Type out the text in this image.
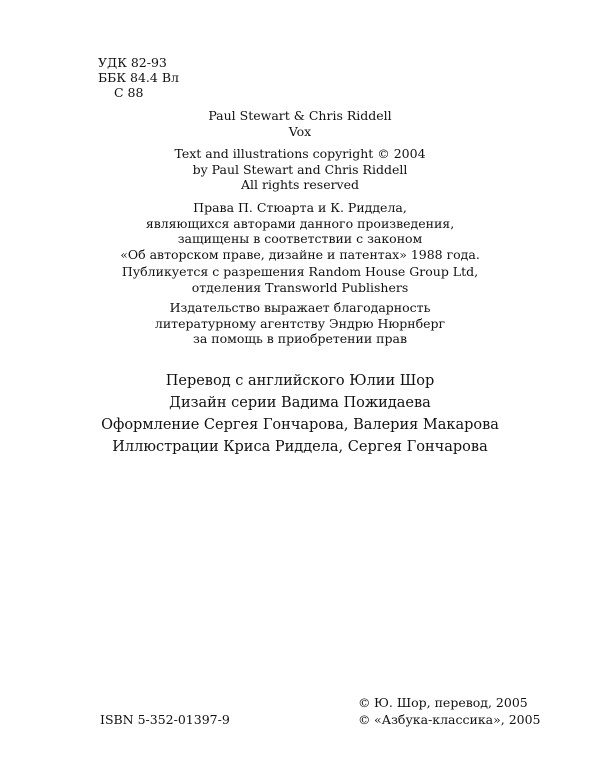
УДК 82-93
ББК 84.4 Вл
С 88
Paul Stewart & Chris Riddell
Vox
Text and illustrations copyright © 2004
by Paul Stewart and Chris Riddell
All rights reserved
Права П. Стюарта и К. Риддела,
являющихся авторами данного произведения,
защищены в соответствии с законом
«Об авторском праве, дизайне и патентах» 1988 года.
Публикуется с разрешения Random House Group Ltd,
отделения Transworld Publishers
Издательство выражает благодарность
литературному агентству Эндрю Нюрнберг
за помощь в приобретении прав
Перевод с английского Юлии Шор
Дизайн серии Вадима Пожидаева
Оформление Сергея Гончарова, Валерия Макарова
Иллюстрации Криса Риддела, Сергея Гончарова
ISBN 5-352-01397-9
© Ю. Шор, перевод, 2005
© «Азбука-классика», 2005
